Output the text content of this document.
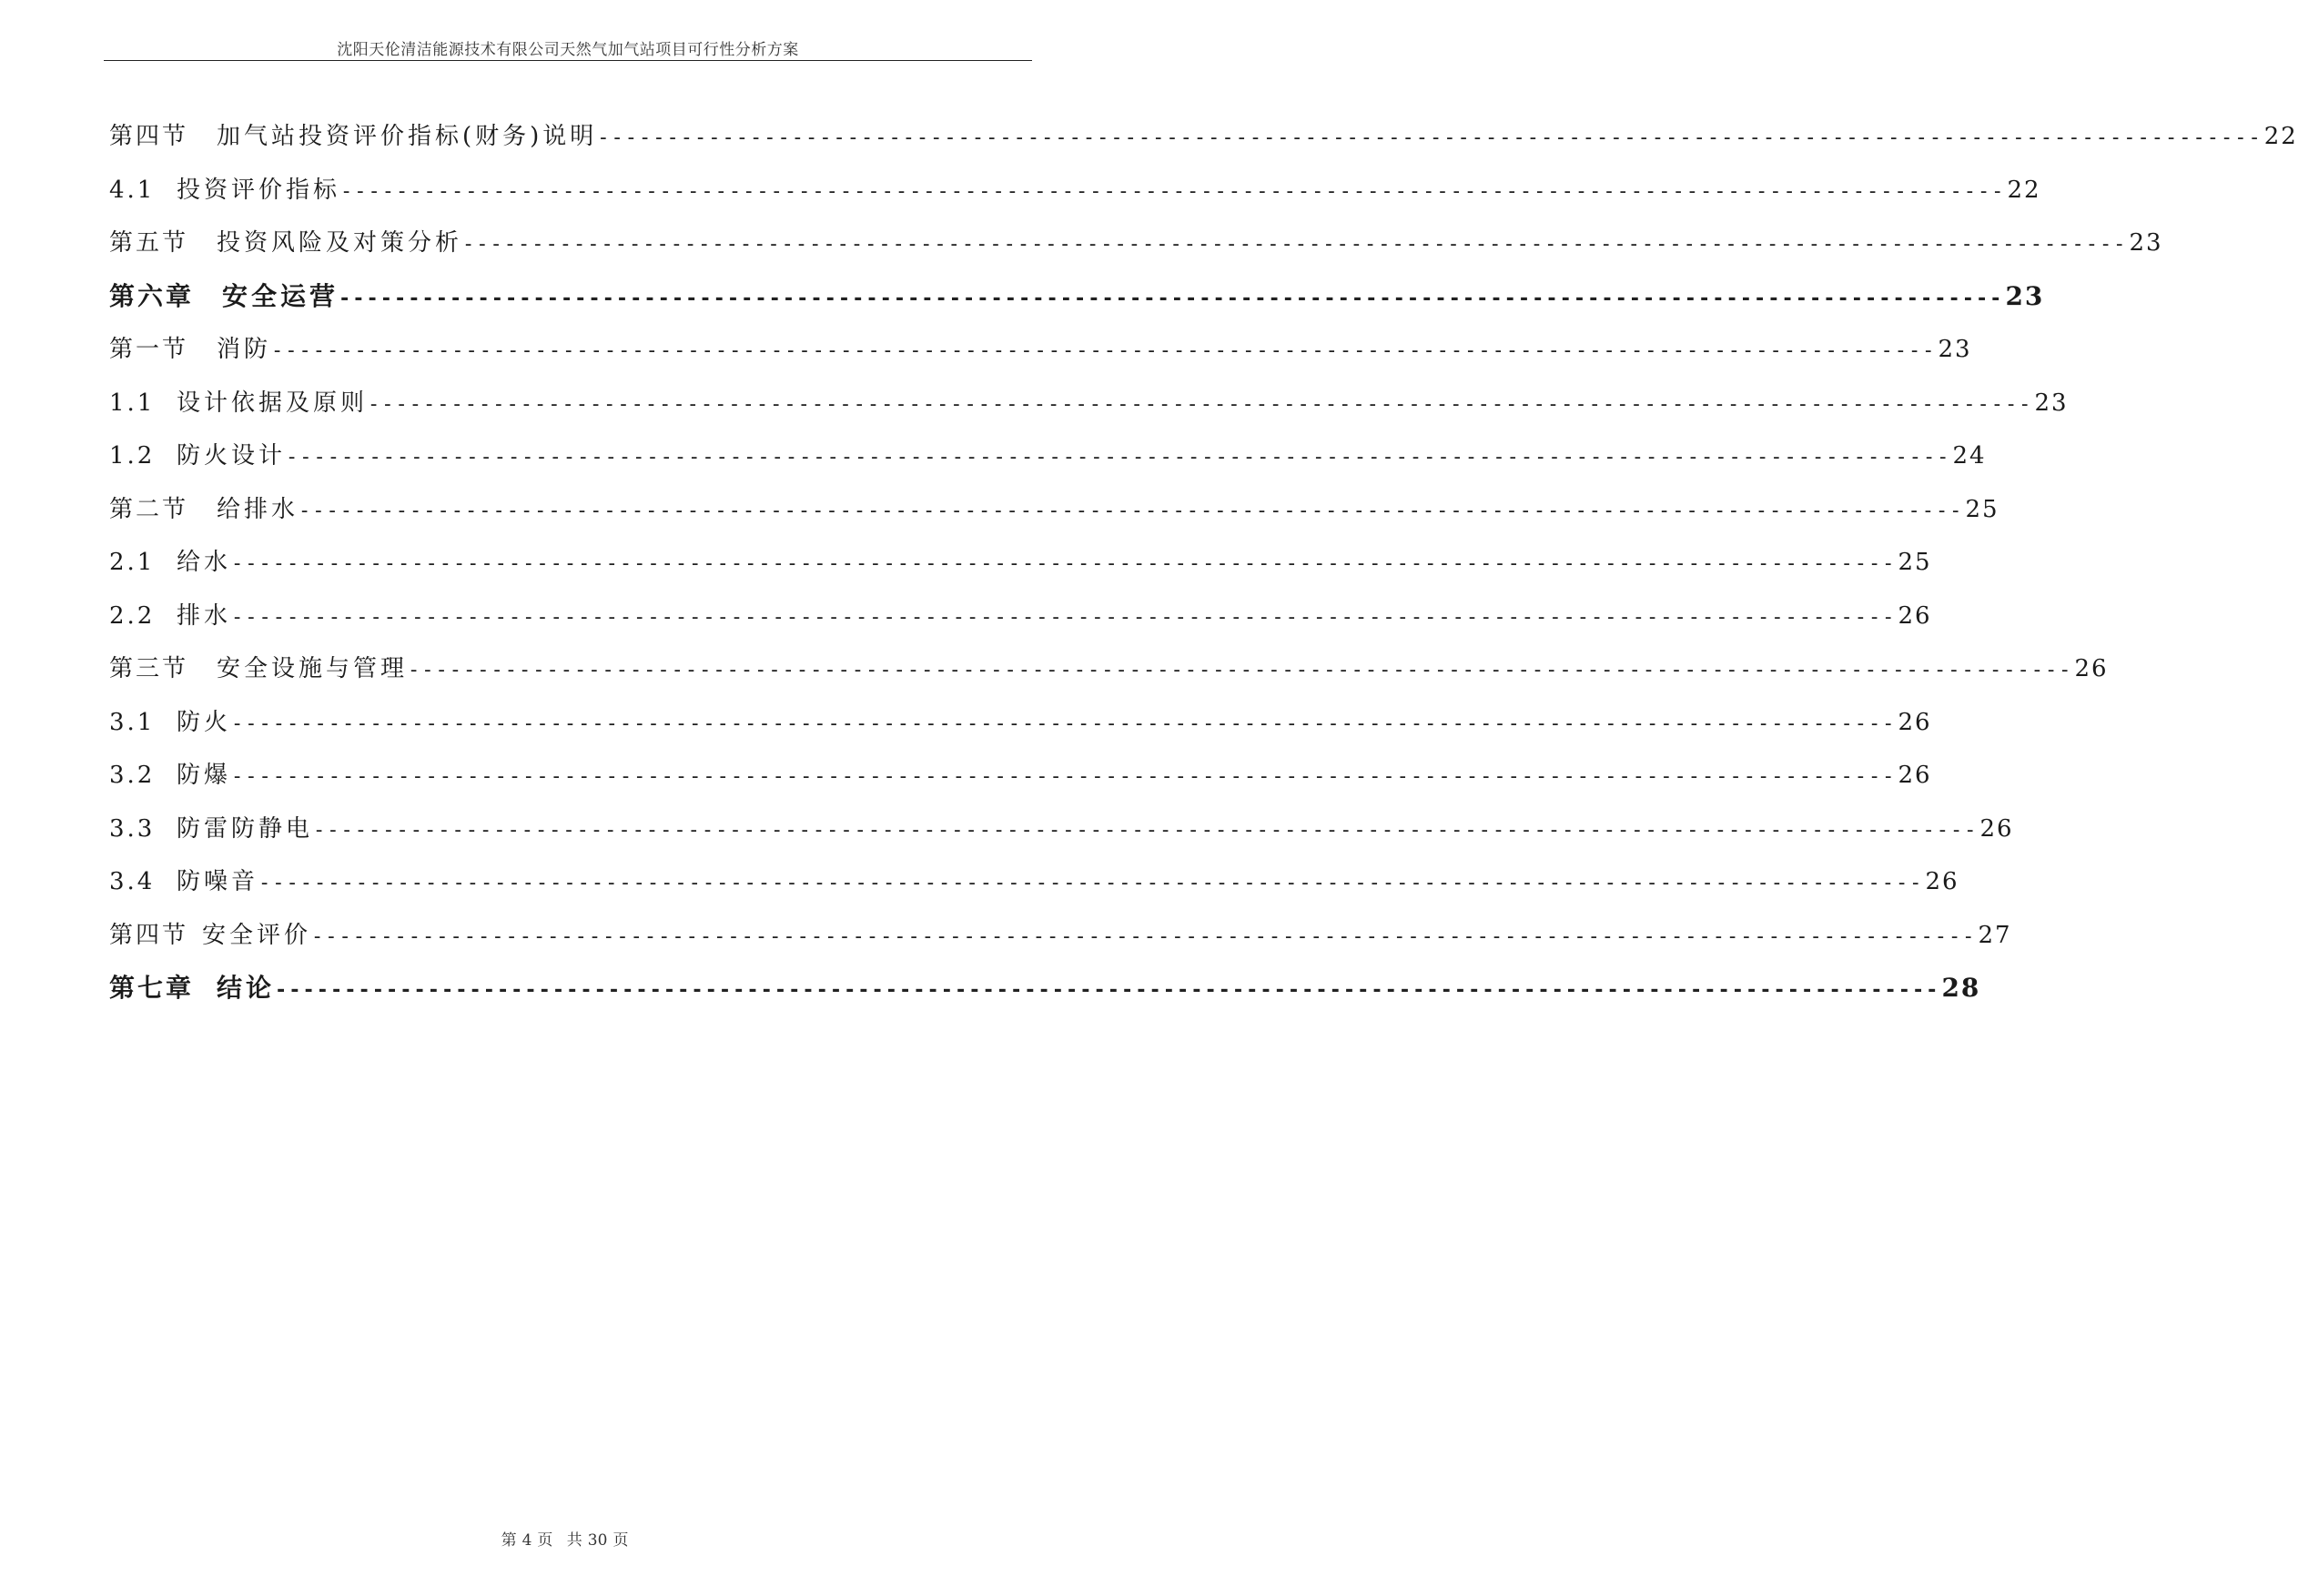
沈阳天伦清洁能源技术有限公司天然气加气站项目可行性分析方案
第四节	加气站投资评价指标(财务)说明 ------------------------------------------------------------------------------------------------------------------------ 22
4.1 投资评价指标 ------------------------------------------------------------------------------------------------------------------------ 22
第五节	投资风险及对策分析 ------------------------------------------------------------------------------------------------------------------------ 23
第六章	安全运营 ------------------------------------------------------------------------------------------------------------------------ 23
第一节	消防 ------------------------------------------------------------------------------------------------------------------------ 23
1.1 设计依据及原则 ------------------------------------------------------------------------------------------------------------------------ 23
1.2 防火设计 ------------------------------------------------------------------------------------------------------------------------ 24
第二节	给排水 ------------------------------------------------------------------------------------------------------------------------ 25
2.1 给水 ------------------------------------------------------------------------------------------------------------------------ 25
2.2 排水 ------------------------------------------------------------------------------------------------------------------------ 26
第三节	安全设施与管理 ------------------------------------------------------------------------------------------------------------------------ 26
3.1 防火 ------------------------------------------------------------------------------------------------------------------------ 26
3.2 防爆 ------------------------------------------------------------------------------------------------------------------------ 26
3.3 防雷防静电 ------------------------------------------------------------------------------------------------------------------------ 26
3.4 防噪音 ------------------------------------------------------------------------------------------------------------------------ 26
第四节 安全评价 ------------------------------------------------------------------------------------------------------------------------ 27
第七章 结论 ------------------------------------------------------------------------------------------------------------------------ 28
第 4 页 共 30 页
